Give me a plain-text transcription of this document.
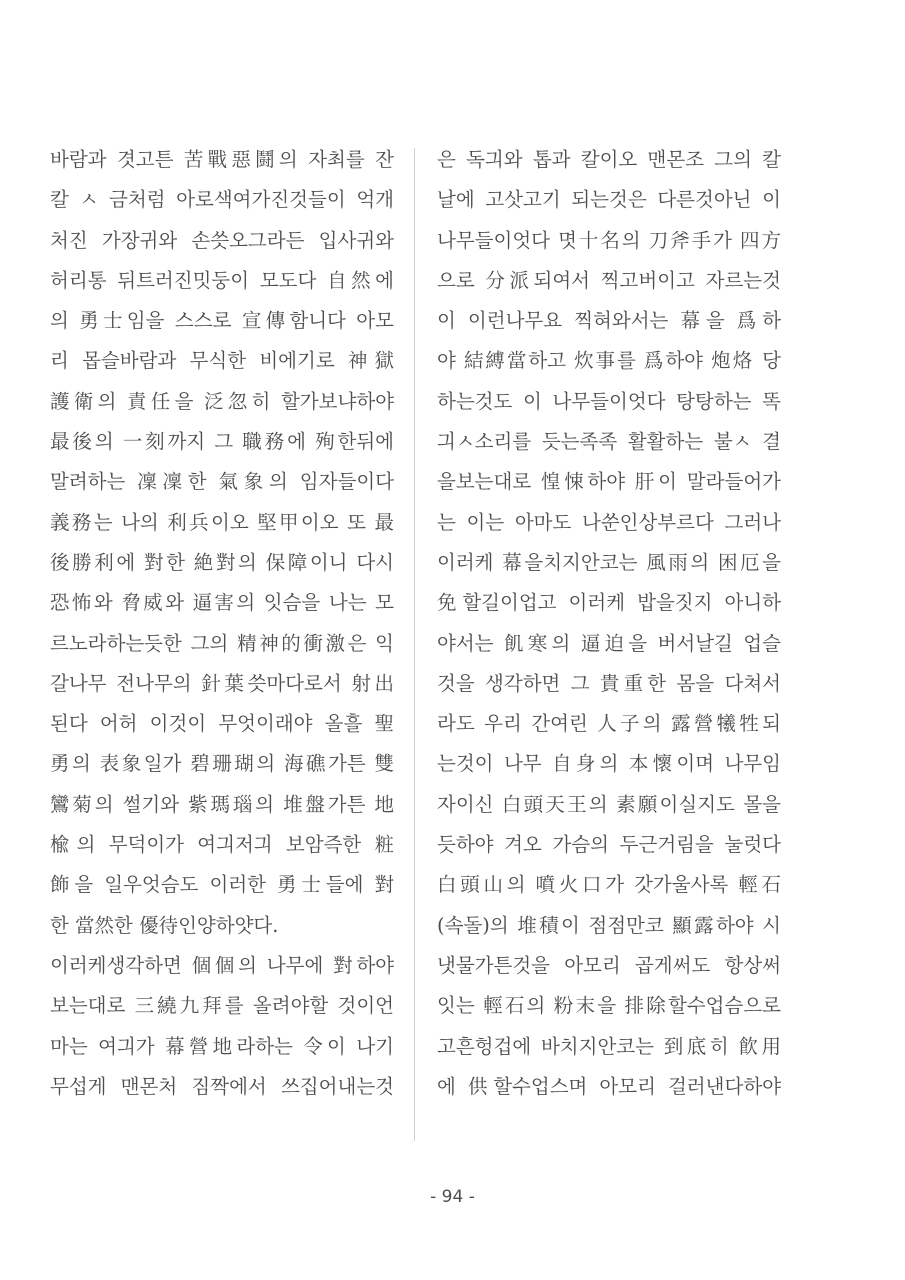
바람과 겻고튼 苦戰惡鬪의 자최를 잔
칼 ㅅ 금처럼 아로색여가진것들이 억개
처진 가장귀와 손씃오그라든 입사귀와
허리통 뒤트러진밋둥이 모도다 自然에
의 勇士임을 스스로 宣傳함니다 아모
리 몹슬바람과 무식한 비에기로 神獄
護衛의 責任을 泛忽히 할가보냐하야
最後의 一刻까지 그 職務에 殉한뒤에
말려하는 凜凜한 氣象의 임자들이다
義務는 나의 利兵이오 堅甲이오 또 最
後勝利에 對한 絶對의 保障이니 다시
恐怖와 脅威와 逼害의 잇슴을 나는 모
르노라하는듯한 그의 精神的衝激은 익
갈나무 전나무의 針葉씃마다로서 射出
된다 어허 이것이 무엇이래야 올흘 聖
勇의 表象일가 碧珊瑚의 海礁가튼 雙
鸞菊의 썰기와 紫瑪瑙의 堆盤가튼 地
楡의 무덕이가 여긔저긔 보암즉한 粧
飾을 일우엇슴도 이러한 勇士들에 對
한 當然한 優待인양하얏다.
이러케생각하면 個個의 나무에 對하야
보는대로 三繞九拜를 올려야할 것이언
마는 여긔가 幕營地라하는 令이 나기
무섭게 맨몬처 짐짝에서 쓰집어내는것
은 독긔와 톱과 칼이오 맨몬조 그의 칼
날에 고삿고기 되는것은 다른것아닌 이
나무들이엇다 몃十名의 刀斧手가 四方
으로 分派되여서 찍고버이고 자르는것
이 이런나무요 찍혀와서는 幕을 爲하
야 結縛當하고 炊事를 爲하야 炮烙 당
하는것도 이 나무들이엇다 탕탕하는 똑
긔ㅅ소리를 듯는족족 활활하는 불ㅅ 결
을보는대로 惶悚하야 肝이 말라들어가
는 이는 아마도 나쑨인상부르다 그러나
이러케 幕을치지안코는 風雨의 困厄을
免할길이업고 이러케 밥을짓지 아니하
야서는 飢寒의 逼迫을 버서날길 업슬
것을 생각하면 그 貴重한 몸을 다쳐서
라도 우리 간여린 人子의 露營犧牲되
는것이 나무 自身의 本懷이며 나무임
자이신 白頭天王의 素願이실지도 몰을
듯하야 겨오 가슴의 두근거림을 눌럿다
白頭山의 噴火口가 갓가울사록 輕石
(속돌)의 堆積이 점점만코 顯露하야 시
냇물가튼것을 아모리 곱게써도 항상써
잇는 輕石의 粉末을 排除할수업슴으로
고흔헝겁에 바치지안코는 到底히 飮用
에 供할수업스며 아모리 걸러낸다하야
- 94 -
